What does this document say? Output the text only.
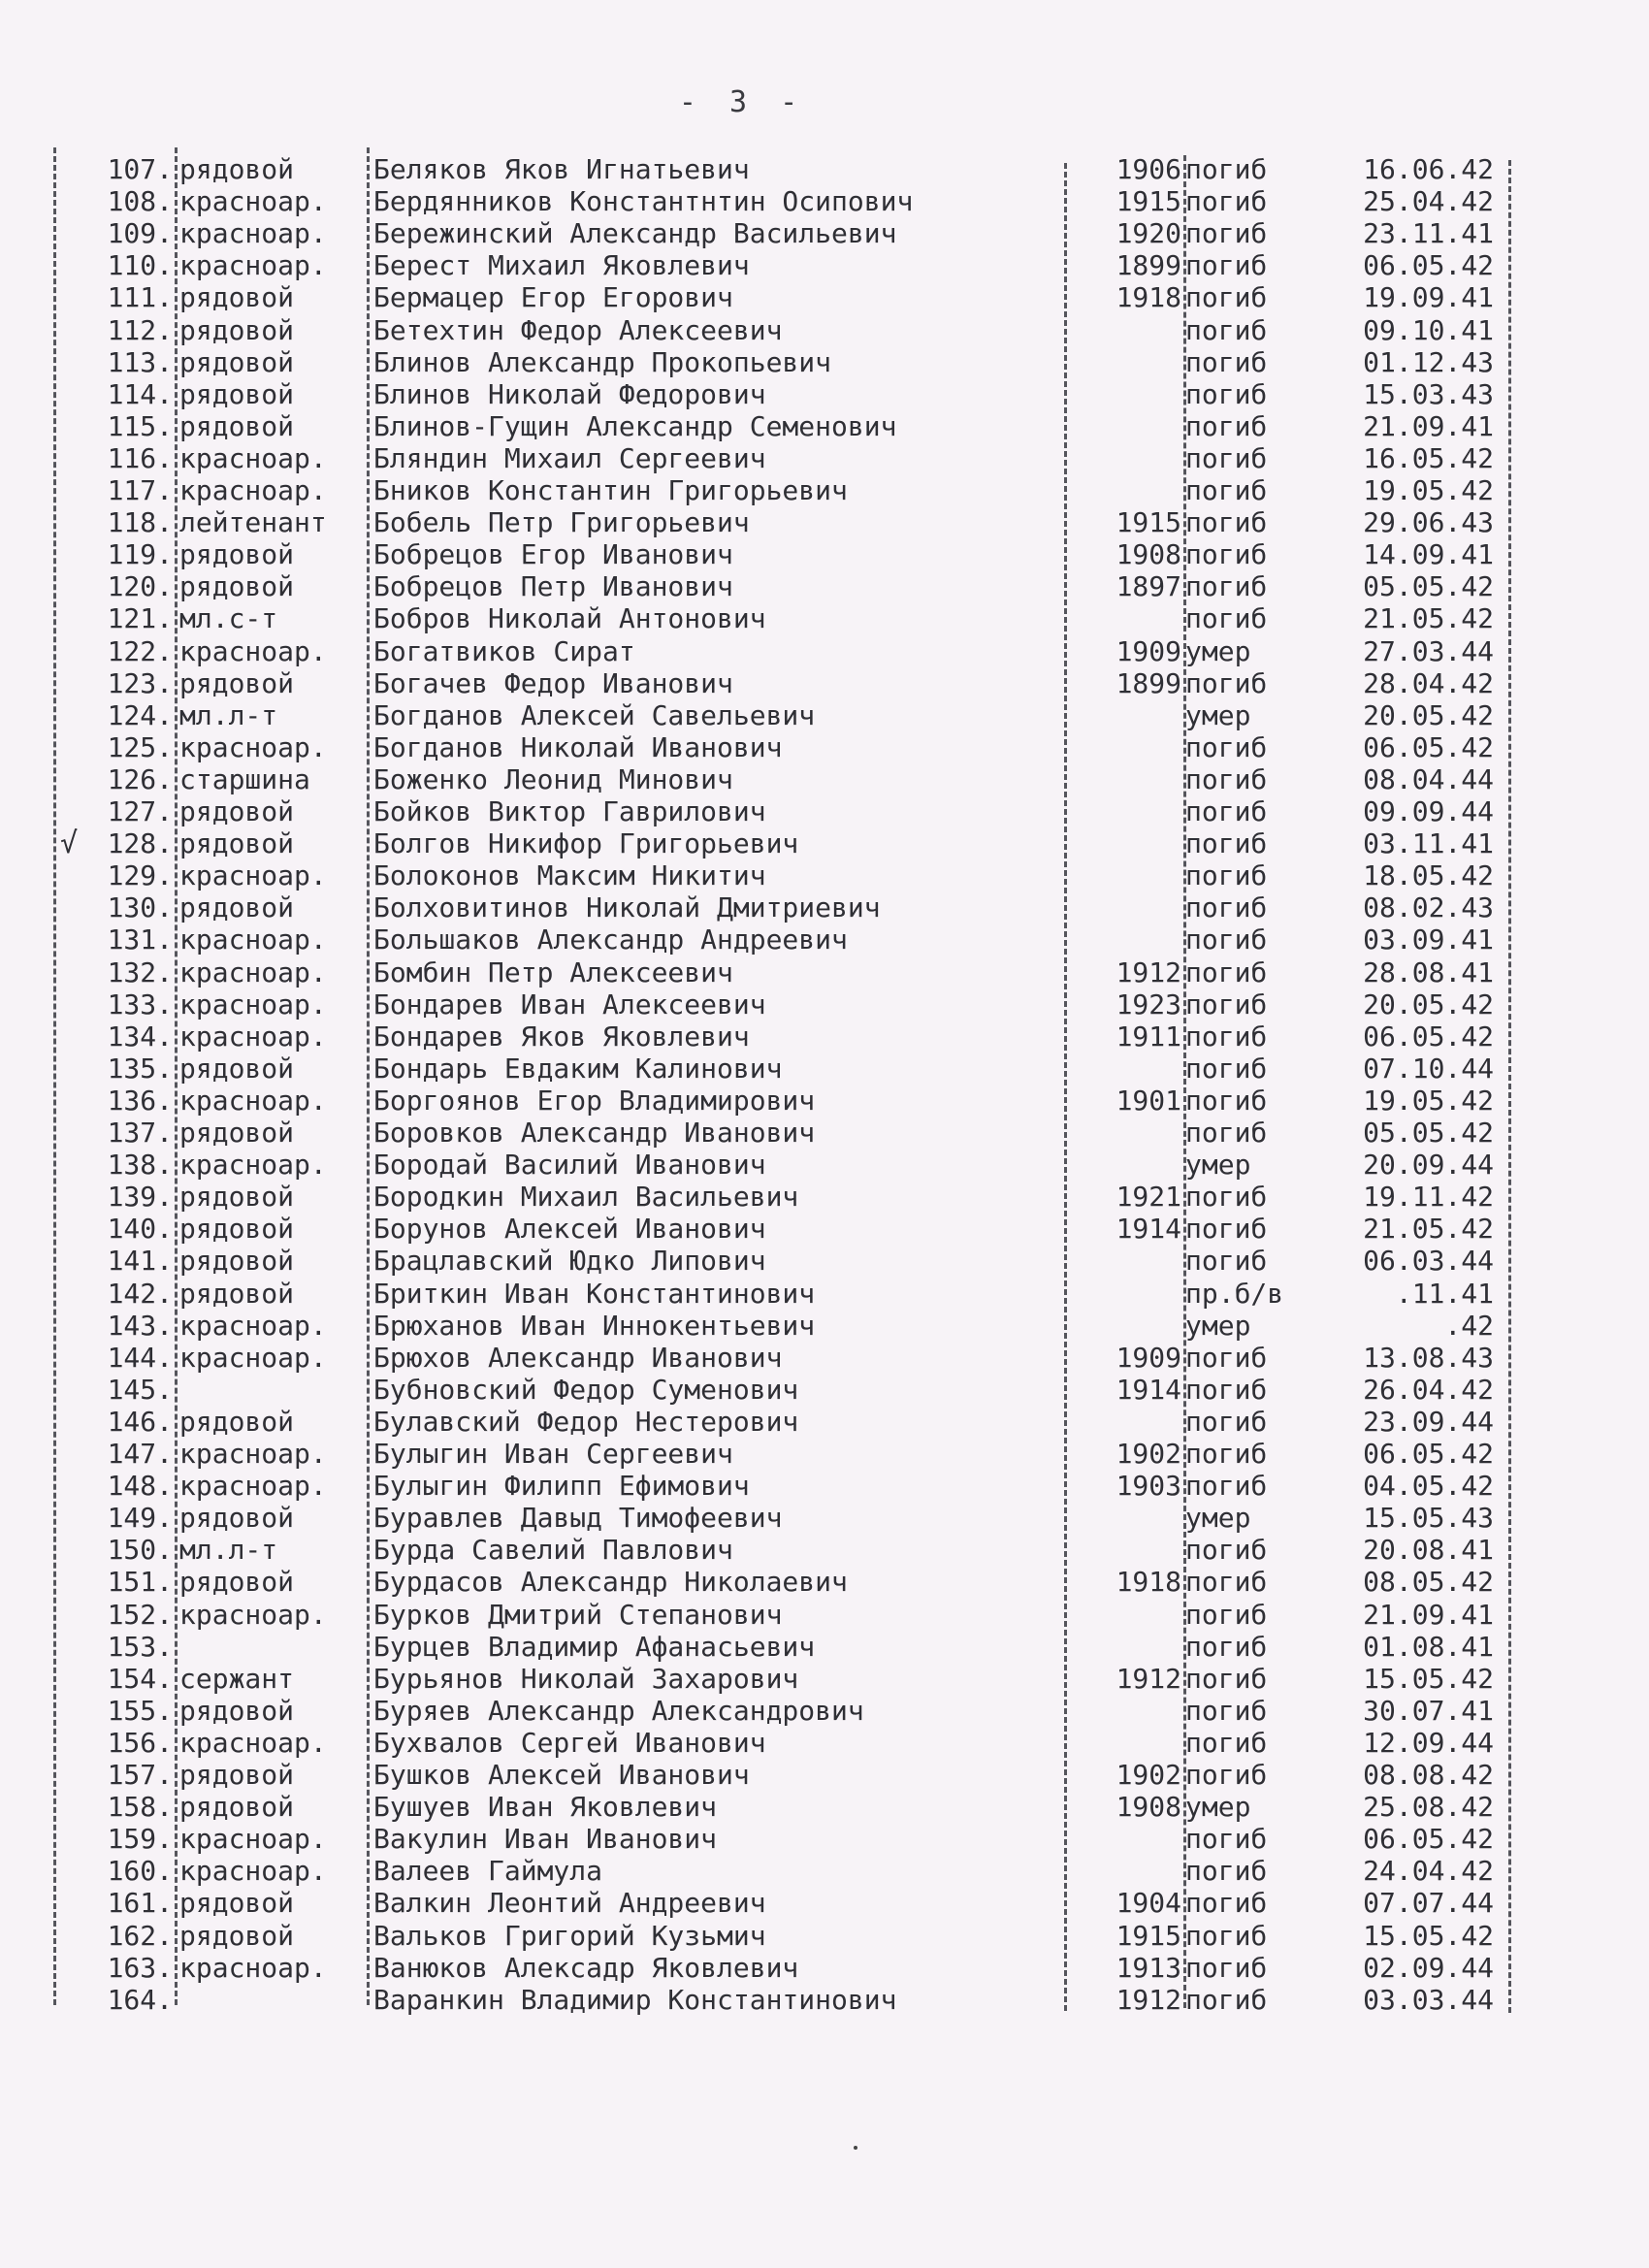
- 3 -
107. рядовой	Беляков Яков Игнатьевич	1906 погиб	16.06.42
108. красноар. Бердянников Константнтин Осипович	1915 погиб	25.04.42
109. красноар. Бережинский Александр Васильевич	1920 погиб	23.11.41
110. красноар. Берест Михаил Яковлевич	1899 погиб	06.05.42
111. рядовой	Бермацер Егор Егорович	1918 погиб	19.09.41
112. рядовой	Бетехтин Федор Алексеевич	погиб	09.10.41
113. рядовой	Блинов Александр Прокопьевич	погиб	01.12.43
114. рядовой	Блинов Николай Федорович	погиб	15.03.43
115. рядовой	Блинов-Гущин Александр Семенович	погиб	21.09.41
116. красноар. Бляндин Михаил Сергеевич	погиб	16.05.42
117. красноар. Бников Константин Григорьевич	погиб	19.05.42
118. лейтенант Бобель Петр Григорьевич	1915 погиб	29.06.43
119. рядовой	Бобрецов Егор Иванович	1908 погиб	14.09.41
120. рядовой	Бобрецов Петр Иванович	1897 погиб	05.05.42
121. мл.с-т	Бобров Николай Антонович	погиб	21.05.42
122. красноар. Богатвиков Сират	1909 умер	27.03.44
123. рядовой	Богачев Федор Иванович	1899 погиб	28.04.42
124. мл.л-т	Богданов Алексей Савельевич	умер	20.05.42
125. красноар. Богданов Николай Иванович	погиб	06.05.42
126. старшина Боженко Леонид Минович	погиб	08.04.44
127. рядовой	Бойков Виктор Гаврилович	погиб	09.09.44
√	128. рядовой	Болгов Никифор Григорьевич	погиб	03.11.41
129. красноар. Болоконов Максим Никитич	погиб	18.05.42
130. рядовой	Болховитинов Николай Дмитриевич	погиб	08.02.43
131. красноар. Большаков Александр Андреевич	погиб	03.09.41
132. красноар. Бомбин Петр Алексеевич	1912 погиб	28.08.41
133. красноар. Бондарев Иван Алексеевич	1923 погиб	20.05.42
134. красноар. Бондарев Яков Яковлевич	1911 погиб	06.05.42
135. рядовой	Бондарь Евдаким Калинович	погиб	07.10.44
136. красноар. Боргоянов Егор Владимирович	1901 погиб	19.05.42
137. рядовой	Боровков Александр Иванович	погиб	05.05.42
138. красноар. Бородай Василий Иванович	умер	20.09.44
139. рядовой	Бородкин Михаил Васильевич	1921 погиб	19.11.42
140. рядовой	Борунов Алексей Иванович	1914 погиб	21.05.42
141. рядовой	Брацлавский Юдко Липович	погиб	06.03.44
142. рядовой	Бриткин Иван Константинович	пр.б/в	.11.41
143. красноар. Брюханов Иван Иннокентьевич	умер	.42
144. красноар. Брюхов Александр Иванович	1909 погиб	13.08.43
145.	Бубновский Федор Суменович	1914 погиб	26.04.42
146. рядовой	Булавский Федор Нестерович	погиб	23.09.44
147. красноар. Булыгин Иван Сергеевич	1902 погиб	06.05.42
148. красноар. Булыгин Филипп Ефимович	1903 погиб	04.05.42
149. рядовой	Буравлев Давыд Тимофеевич	умер	15.05.43
150. мл.л-т	Бурда Савелий Павлович	погиб	20.08.41
151. рядовой	Бурдасов Александр Николаевич	1918 погиб	08.05.42
152. красноар. Бурков Дмитрий Степанович	погиб	21.09.41
153.	Бурцев Владимир Афанасьевич	погиб	01.08.41
154. сержант	Бурьянов Николай Захарович	1912 погиб	15.05.42
155. рядовой	Буряев Александр Александрович	погиб	30.07.41
156. красноар. Бухвалов Сергей Иванович	погиб	12.09.44
157. рядовой	Бушков Алексей Иванович	1902 погиб	08.08.42
158. рядовой	Бушуев Иван Яковлевич	1908 умер	25.08.42
159. красноар. Вакулин Иван Иванович	погиб	06.05.42
160. красноар. Валеев Гаймула	погиб	24.04.42
161. рядовой	Валкин Леонтий Андреевич	1904 погиб	07.07.44
162. рядовой	Вальков Григорий Кузьмич	1915 погиб	15.05.42
163. красноар. Ванюков Алексадр Яковлевич	1913 погиб	02.09.44
164.	Варанкин Владимир Константинович	1912 погиб	03.03.44
